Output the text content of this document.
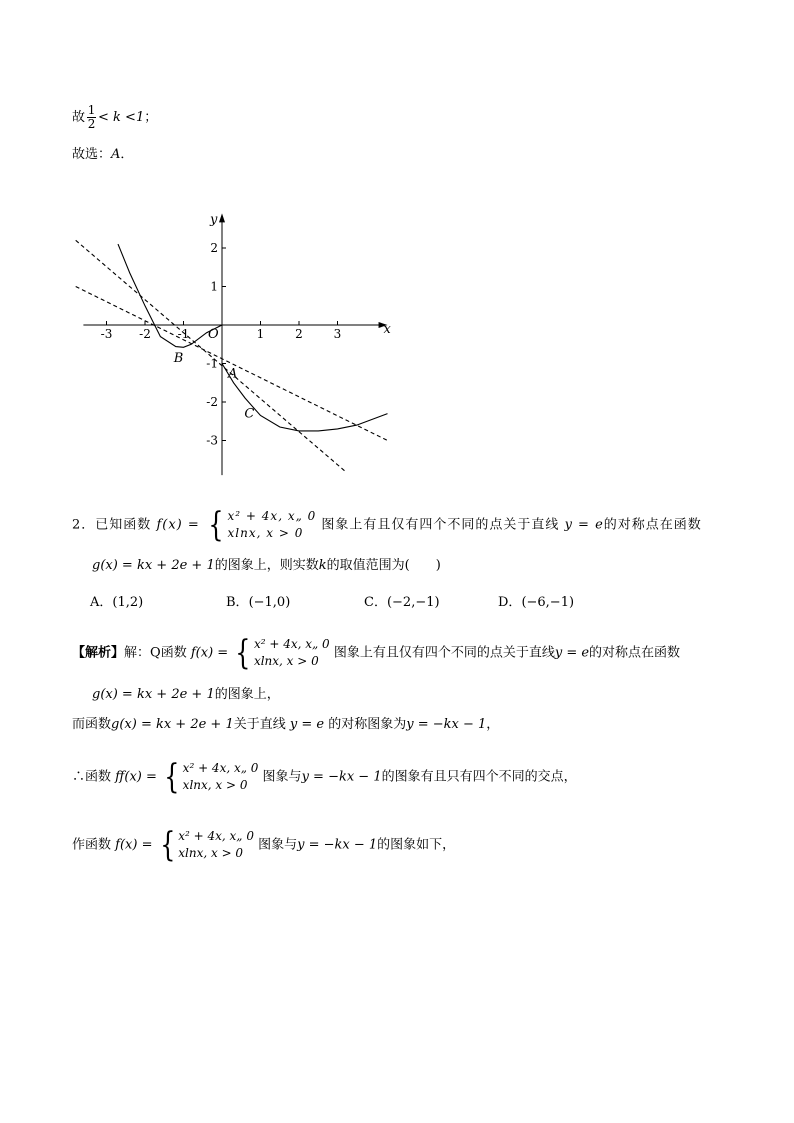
故 $\frac{1}{2} < k <1$；
故选：A．
-3 -2 -1	1	2	3
2
1
-1
-2
-3
x
y
O
B
A
C
2．已知函数 f(x) = { x² + 4x, x„ 0
xlnx, x > 0
图象上有且仅有四个不同的点关于直线 y = e的对称点在函数
g(x) = kx + 2e + 1的图象上，则实数k的取值范围为(　　)
A．(1,2)	B．(−1,0)	C．(−2,−1)	D．(−6,−1)
【解析】解：Q函数 f(x) = { x² + 4x, x„ 0
xlnx, x > 0
图象上有且仅有四个不同的点关于直线y = e的对称点在函数
g(x) = kx + 2e + 1的图象上，
而函数g(x) = kx + 2e + 1关于直线 y = e 的对称图象为y = −kx − 1，
∴函数 ff(x) = { x² + 4x, x„ 0
xlnx, x > 0
图象与y = −kx − 1的图象有且只有四个不同的交点，
作函数 f(x) = { x² + 4x, x„ 0
xlnx, x > 0
图象与y = −kx − 1的图象如下，
